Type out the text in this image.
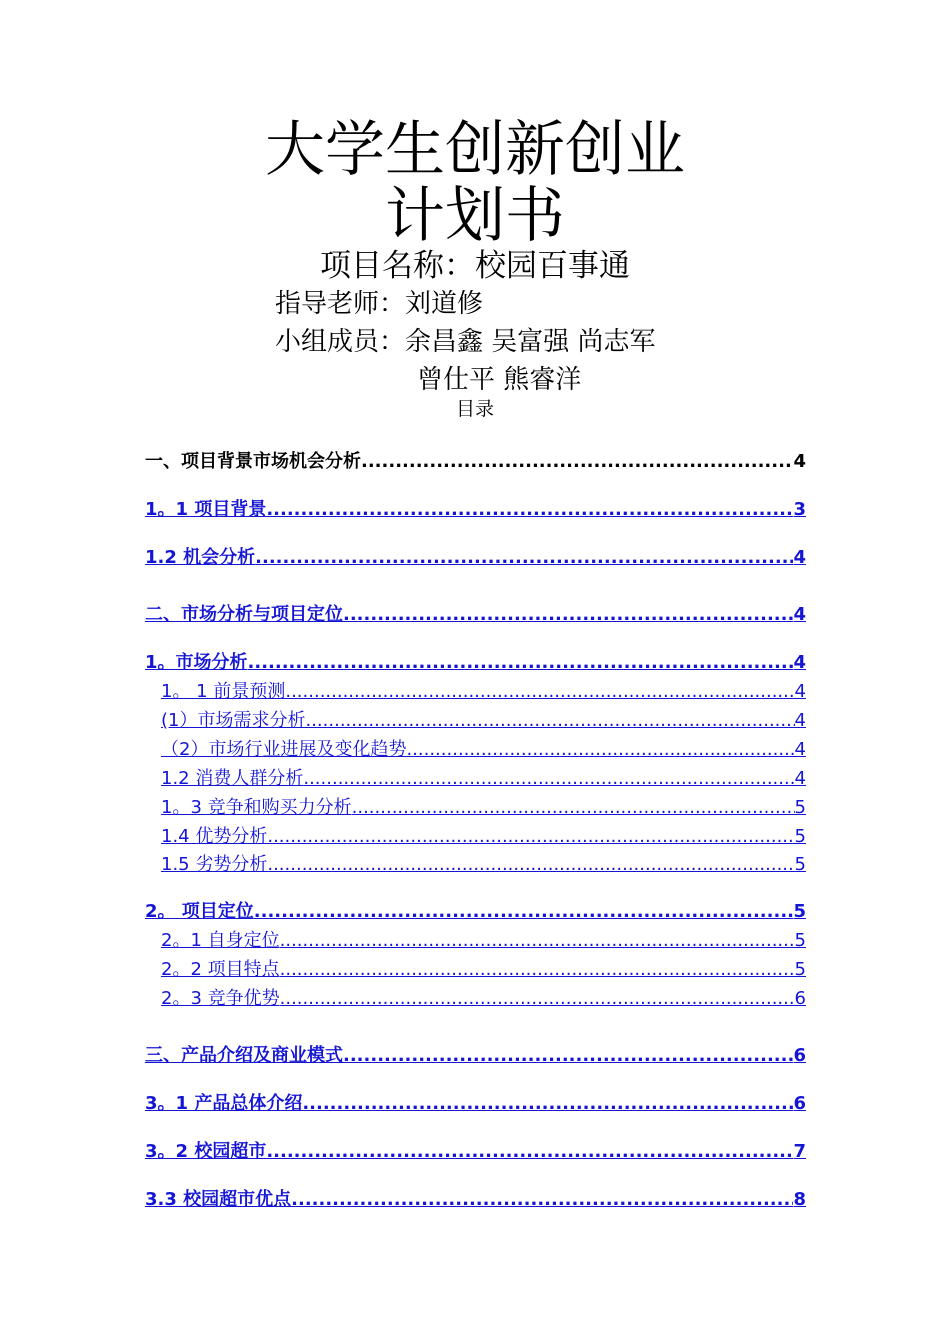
大学生创新创业
计划书
项目名称：校园百事通
指导老师：刘道修
小组成员：余昌鑫 吴富强 尚志军
曾仕平 熊睿洋
目录
一、项目背景市场机会分析 .....	4
1。1 项目背景 .....	3
1.2 机会分析 .....	4
二、市场分析与项目定位 .....	4
1。市场分析 .....	4
1。 1 前景预测 .....	4
(1）市场需求分析 .....	4
（2）市场行业进展及变化趋势 .....	4
1.2 消费人群分析 .....	4
1。3 竞争和购买力分析 .....	5
1.4 优势分析 .....	5
1.5 劣势分析 .....	5
2。 项目定位 .....	5
2。1 自身定位 .....	5
2。2 项目特点 .....	5
2。3 竞争优势 .....	6
三、产品介绍及商业模式 .....	6
3。1 产品总体介绍 .....	6
3。2 校园超市 .....	7
3.3 校园超市优点 .....	8
